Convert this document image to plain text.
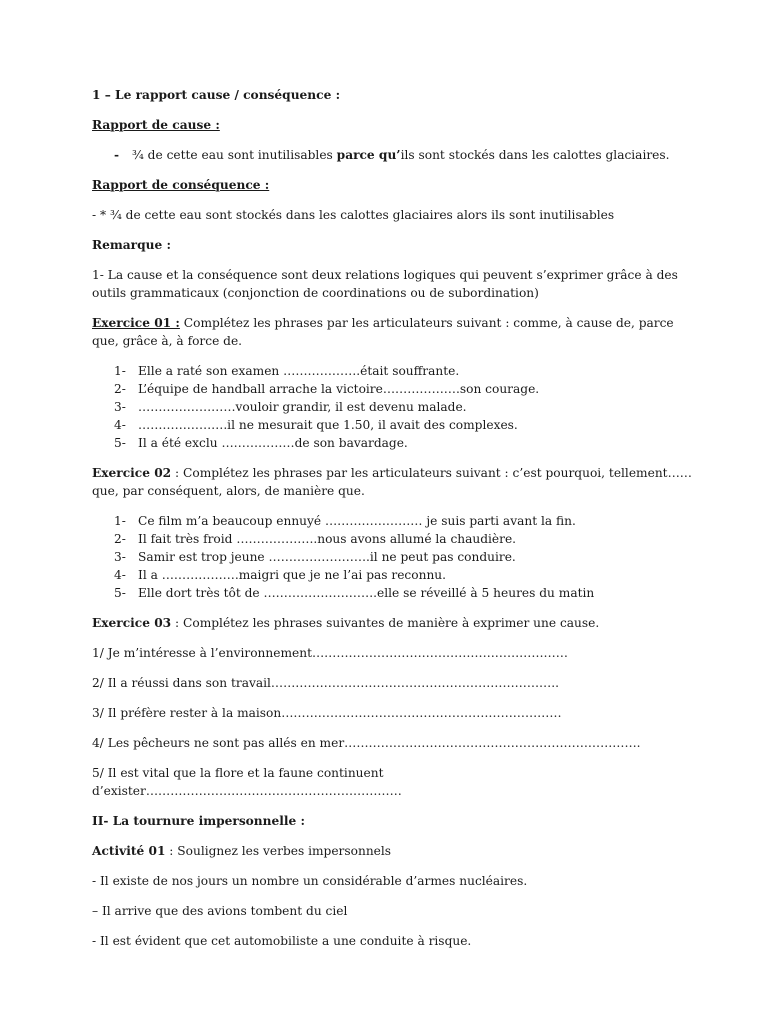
1 – Le rapport cause / conséquence :

Rapport de cause :

- ¾ de cette eau sont inutilisables parce qu’ils sont stockés dans les calottes glaciaires.

Rapport de conséquence :

- * ¾ de cette eau sont stockés dans les calottes glaciaires alors ils sont inutilisables

Remarque :

1- La cause et la conséquence sont deux relations logiques qui peuvent s’exprimer grâce à des outils grammaticaux (conjonction de coordinations ou de subordination)

Exercice 01 : Complétez les phrases par les articulateurs suivant : comme, à cause de, parce que, grâce à, à force de.

1- Elle a raté son examen ……………….était souffrante.
2- L’équipe de handball arrache la victoire……………….son courage.
3- ……………………vouloir grandir, il est devenu malade.
4- ………………….il ne mesurait que 1.50, il avait des complexes.
5- Il a été exclu ………………de son bavardage.

Exercice 02 : Complétez les phrases par les articulateurs suivant : c’est pourquoi, tellement…… que, par conséquent, alors, de manière que.

1- Ce film m’a beaucoup ennuyé …………………… je suis parti avant la fin.
2- Il fait très froid ………………..nous avons allumé la chaudière.
3- Samir est trop jeune …………………….il ne peut pas conduire.
4- Il a ……………….maigri que je ne l’ai pas reconnu.
5- Elle dort très tôt de ……………………….elle se réveillé à 5 heures du matin

Exercice 03 : Complétez les phrases suivantes de manière à exprimer une cause.

1/ Je m’intéresse à l’environnement………………………………………………………

2/ Il a réussi dans son travail……………………………………………………………..

3/ Il préfère rester à la maison……………………………………………………………

4/ Les pêcheurs ne sont pas allés en mer……………………………………………………………….

5/ Il est vital que la flore et la faune continuent d’exister………………………………………………………

II- La tournure impersonnelle :

Activité 01 : Soulignez les verbes impersonnels

- Il existe de nos jours un nombre un considérable d’armes nucléaires.

– Il arrive que des avions tombent du ciel

- Il est évident que cet automobiliste a une conduite à risque.
